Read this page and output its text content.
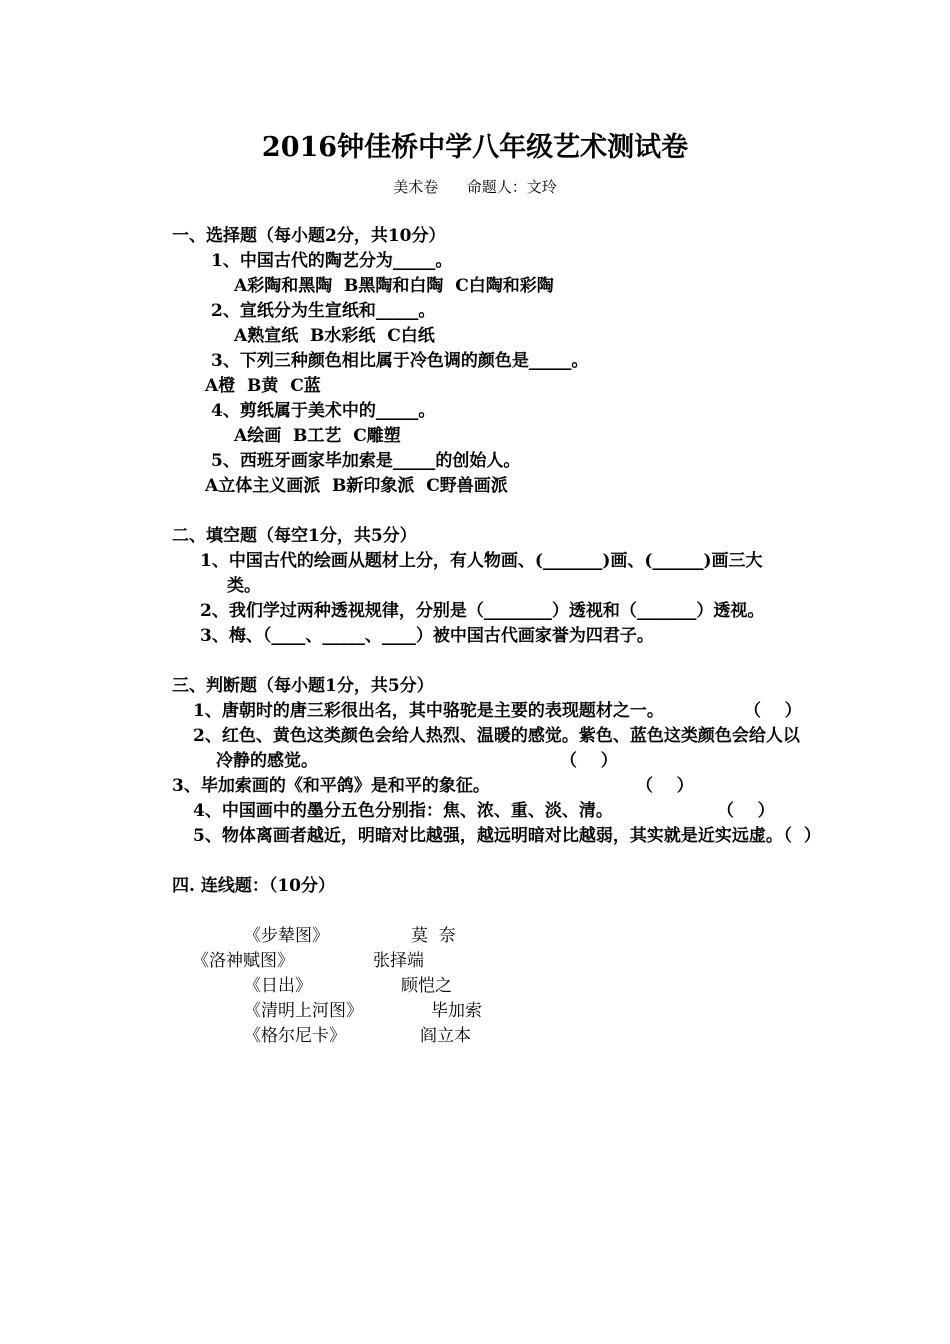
2016钟佳桥中学八年级艺术测试卷
美术卷      命题人：文玲
一、选择题（每小题2分，共10分）
1、中国古代的陶艺分为_____。
A彩陶和黑陶  B黑陶和白陶  C白陶和彩陶
2、宣纸分为生宣纸和_____。
A熟宣纸  B水彩纸  C白纸
3、下列三种颜色相比属于冷色调的颜色是_____。
A橙  B黄  C蓝
4、剪纸属于美术中的_____。
A绘画  B工艺  C雕塑
5、西班牙画家毕加索是_____的创始人。
A立体主义画派  B新印象派  C野兽画派
二、填空题（每空1分，共5分）
1、中国古代的绘画从题材上分，有人物画、(_______)画、(______)画三大
类。
2、我们学过两种透视规律，分别是（________）透视和（_______）透视。
3、梅、（____、_____、____）被中国古代画家誉为四君子。
三、判断题（每小题1分，共5分）
1、唐朝时的唐三彩很出名，其中骆驼是主要的表现题材之一。	（    ）
2、红色、黄色这类颜色会给人热烈、温暖的感觉。紫色、蓝色这类颜色会给人以
冷静的感觉。	（    ）
3、毕加索画的《和平鸽》是和平的象征。	（    ）
4、中国画中的墨分五色分别指：焦、浓、重、淡、清。	（    ）
5、物体离画者越近，明暗对比越强，越远明暗对比越弱，其实就是近实远虚。
（  ）
四. 连线题：（10分）
《步辇图》	莫  奈
《洛神赋图》	张择端
《日出》	顾恺之
《清明上河图》	毕加索
《格尔尼卡》	阎立本
